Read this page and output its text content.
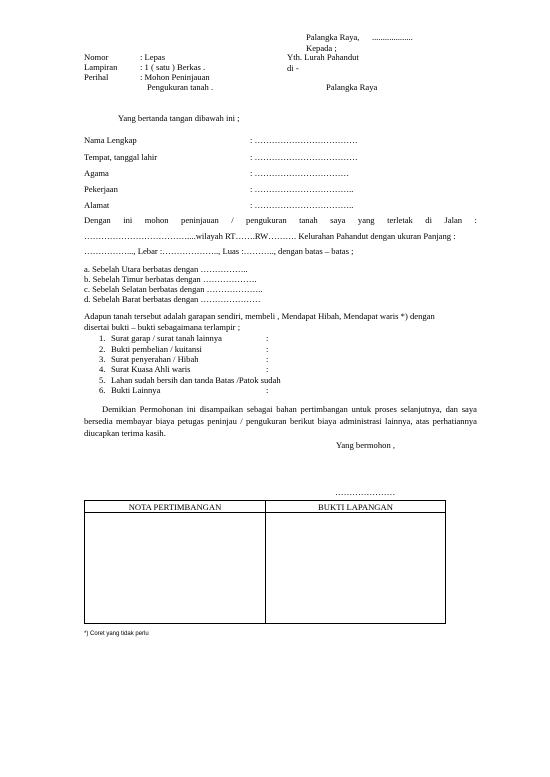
Palangka Raya, ...................
Kepada ;
Yth. Lurah Pahandut
di -
Palangka Raya
Nomor	: Lepas
Lampiran	: 1 ( satu ) Berkas .
Perihal	: Mohon Peninjauan
Pengukuran tanah .
Yang bertanda tangan dibawah ini ;
Nama Lengkap	: ………………………………
Tempat, tanggal lahir	: ………………………………
Agama	: ……………………………
Pekerjaan	: ……………………………..
Alamat	: ……………………………..
Dengan ini mohon peninjauan / pengukuran tanah saya yang terletak di Jalan :
………………………………....wilayah RT…….RW………. Kelurahan Pahandut dengan ukuran Panjang :
……………..., Lebar :……………….., Luas :……….., dengan batas – batas ;
a. Sebelah Utara berbatas dengan ……………..
b. Sebelah Timur berbatas dengan ……………….
c. Sebelah Selatan berbatas dengan ………………..
d. Sebelah Barat berbatas dengan …………………
Adapun tanah tersebut adalah garapan sendiri, membeli , Mendapat Hibah, Mendapat waris *) dengan
disertai bukti – bukti sebagaimana terlampir ;
1. Surat garap / surat tanah lainnya	:
2. Bukti pembelian / kuitansi	:
3. Surat penyerahan / Hibah	:
4. Surat Kuasa Ahli waris	:
5. Lahan sudah bersih dan tanda Batas /Patok sudah
6. Bukti Lainnya	:
Demikian Permohonan ini disampaikan sebagai bahan pertimbangan untuk proses selanjutnya, dan saya bersedia membayar biaya petugas peninjau / pengukuran berikut biaya administrasi lainnya, atas perhatiannya diucapkan terima kasih.
Yang bermohon ,
…………………
NOTA PERTIMBANGAN	BUKTI LAPANGAN

*) Coret yang tidak perlu
